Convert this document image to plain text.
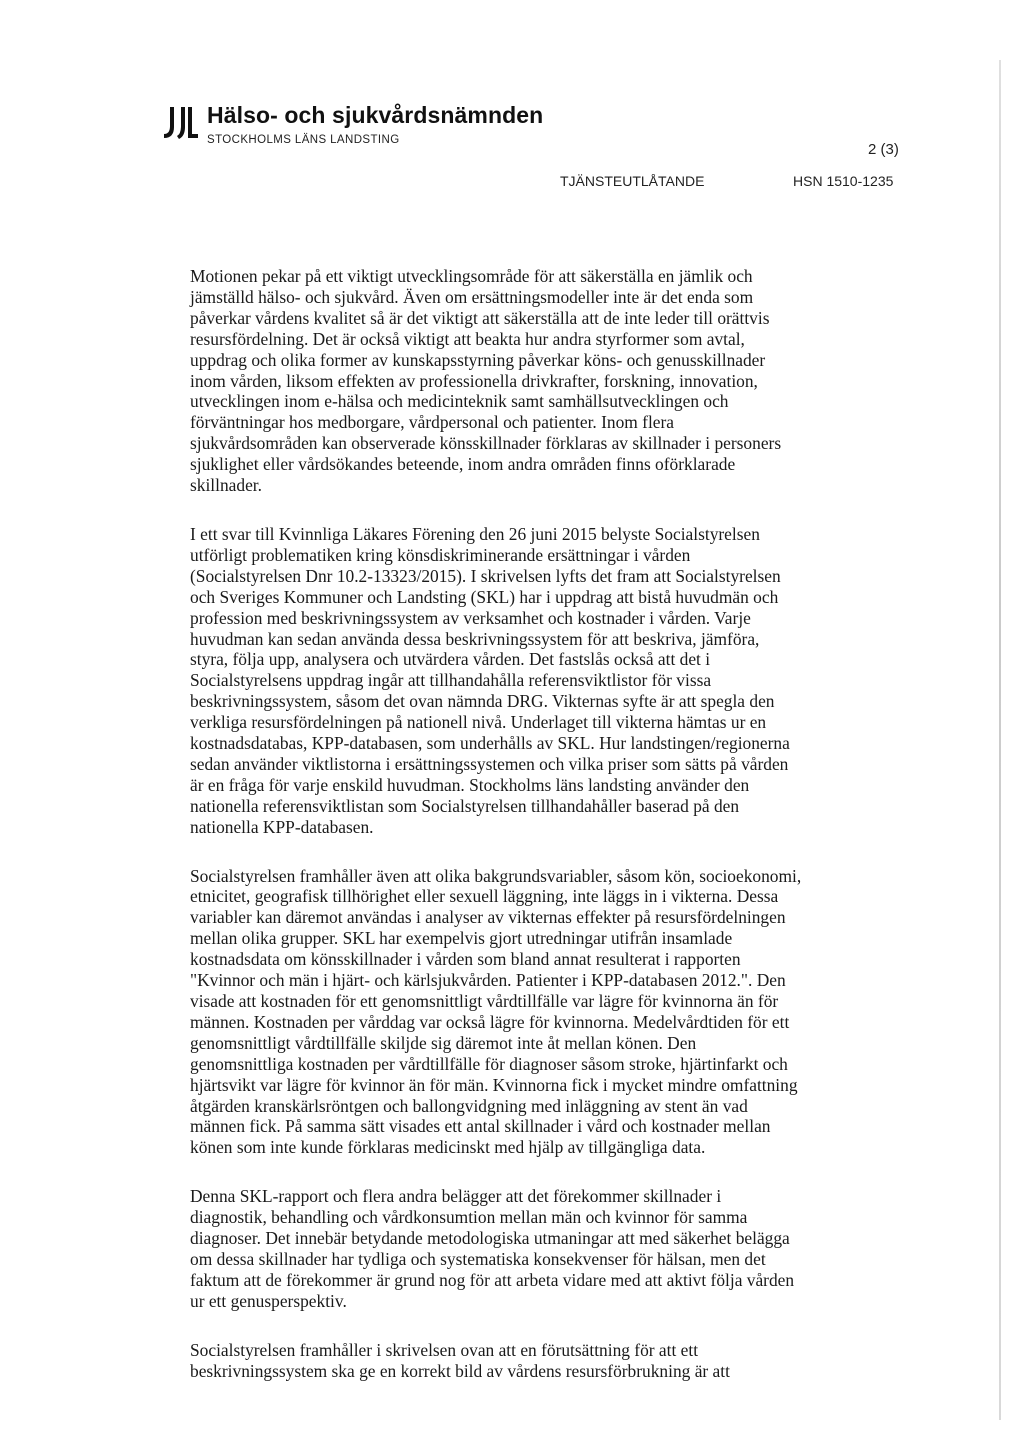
Hälso- och sjukvårdsnämnden
STOCKHOLMS LÄNS LANDSTING
2 (3)
TJÄNSTEUTLÅTANDE	HSN 1510-1235

Motionen pekar på ett viktigt utvecklingsområde för att säkerställa en jämlik och
jämställd hälso- och sjukvård. Även om ersättningsmodeller inte är det enda som
påverkar vårdens kvalitet så är det viktigt att säkerställa att de inte leder till orättvis
resursfördelning. Det är också viktigt att beakta hur andra styrformer som avtal,
uppdrag och olika former av kunskapsstyrning påverkar köns- och genusskillnader
inom vården, liksom effekten av professionella drivkrafter, forskning, innovation,
utvecklingen inom e-hälsa och medicinteknik samt samhällsutvecklingen och
förväntningar hos medborgare, vårdpersonal och patienter. Inom flera
sjukvårdsområden kan observerade könsskillnader förklaras av skillnader i personers
sjuklighet eller vårdsökandes beteende, inom andra områden finns oförklarade
skillnader.

I ett svar till Kvinnliga Läkares Förening den 26 juni 2015 belyste Socialstyrelsen
utförligt problematiken kring könsdiskriminerande ersättningar i vården
(Socialstyrelsen Dnr 10.2-13323/2015). I skrivelsen lyfts det fram att Socialstyrelsen
och Sveriges Kommuner och Landsting (SKL) har i uppdrag att bistå huvudmän och
profession med beskrivningssystem av verksamhet och kostnader i vården. Varje
huvudman kan sedan använda dessa beskrivningssystem för att beskriva, jämföra,
styra, följa upp, analysera och utvärdera vården. Det fastslås också att det i
Socialstyrelsens uppdrag ingår att tillhandahålla referensviktlistor för vissa
beskrivningssystem, såsom det ovan nämnda DRG. Vikternas syfte är att spegla den
verkliga resursfördelningen på nationell nivå. Underlaget till vikterna hämtas ur en
kostnadsdatabas, KPP-databasen, som underhålls av SKL. Hur landstingen/regionerna
sedan använder viktlistorna i ersättningssystemen och vilka priser som sätts på vården
är en fråga för varje enskild huvudman. Stockholms läns landsting använder den
nationella referensviktlistan som Socialstyrelsen tillhandahåller baserad på den
nationella KPP-databasen.

Socialstyrelsen framhåller även att olika bakgrundsvariabler, såsom kön, socioekonomi,
etnicitet, geografisk tillhörighet eller sexuell läggning, inte läggs in i vikterna. Dessa
variabler kan däremot användas i analyser av vikternas effekter på resursfördelningen
mellan olika grupper. SKL har exempelvis gjort utredningar utifrån insamlade
kostnadsdata om könsskillnader i vården som bland annat resulterat i rapporten
"Kvinnor och män i hjärt- och kärlsjukvården. Patienter i KPP-databasen 2012.". Den
visade att kostnaden för ett genomsnittligt vårdtillfälle var lägre för kvinnorna än för
männen. Kostnaden per vårddag var också lägre för kvinnorna. Medelvårdtiden för ett
genomsnittligt vårdtillfälle skiljde sig däremot inte åt mellan könen. Den
genomsnittliga kostnaden per vårdtillfälle för diagnoser såsom stroke, hjärtinfarkt och
hjärtsvikt var lägre för kvinnor än för män. Kvinnorna fick i mycket mindre omfattning
åtgärden kranskärlsröntgen och ballongvidgning med inläggning av stent än vad
männen fick. På samma sätt visades ett antal skillnader i vård och kostnader mellan
könen som inte kunde förklaras medicinskt med hjälp av tillgängliga data.

Denna SKL-rapport och flera andra belägger att det förekommer skillnader i
diagnostik, behandling och vårdkonsumtion mellan män och kvinnor för samma
diagnoser. Det innebär betydande metodologiska utmaningar att med säkerhet belägga
om dessa skillnader har tydliga och systematiska konsekvenser för hälsan, men det
faktum att de förekommer är grund nog för att arbeta vidare med att aktivt följa vården
ur ett genusperspektiv.

Socialstyrelsen framhåller i skrivelsen ovan att en förutsättning för att ett
beskrivningssystem ska ge en korrekt bild av vårdens resursförbrukning är att
